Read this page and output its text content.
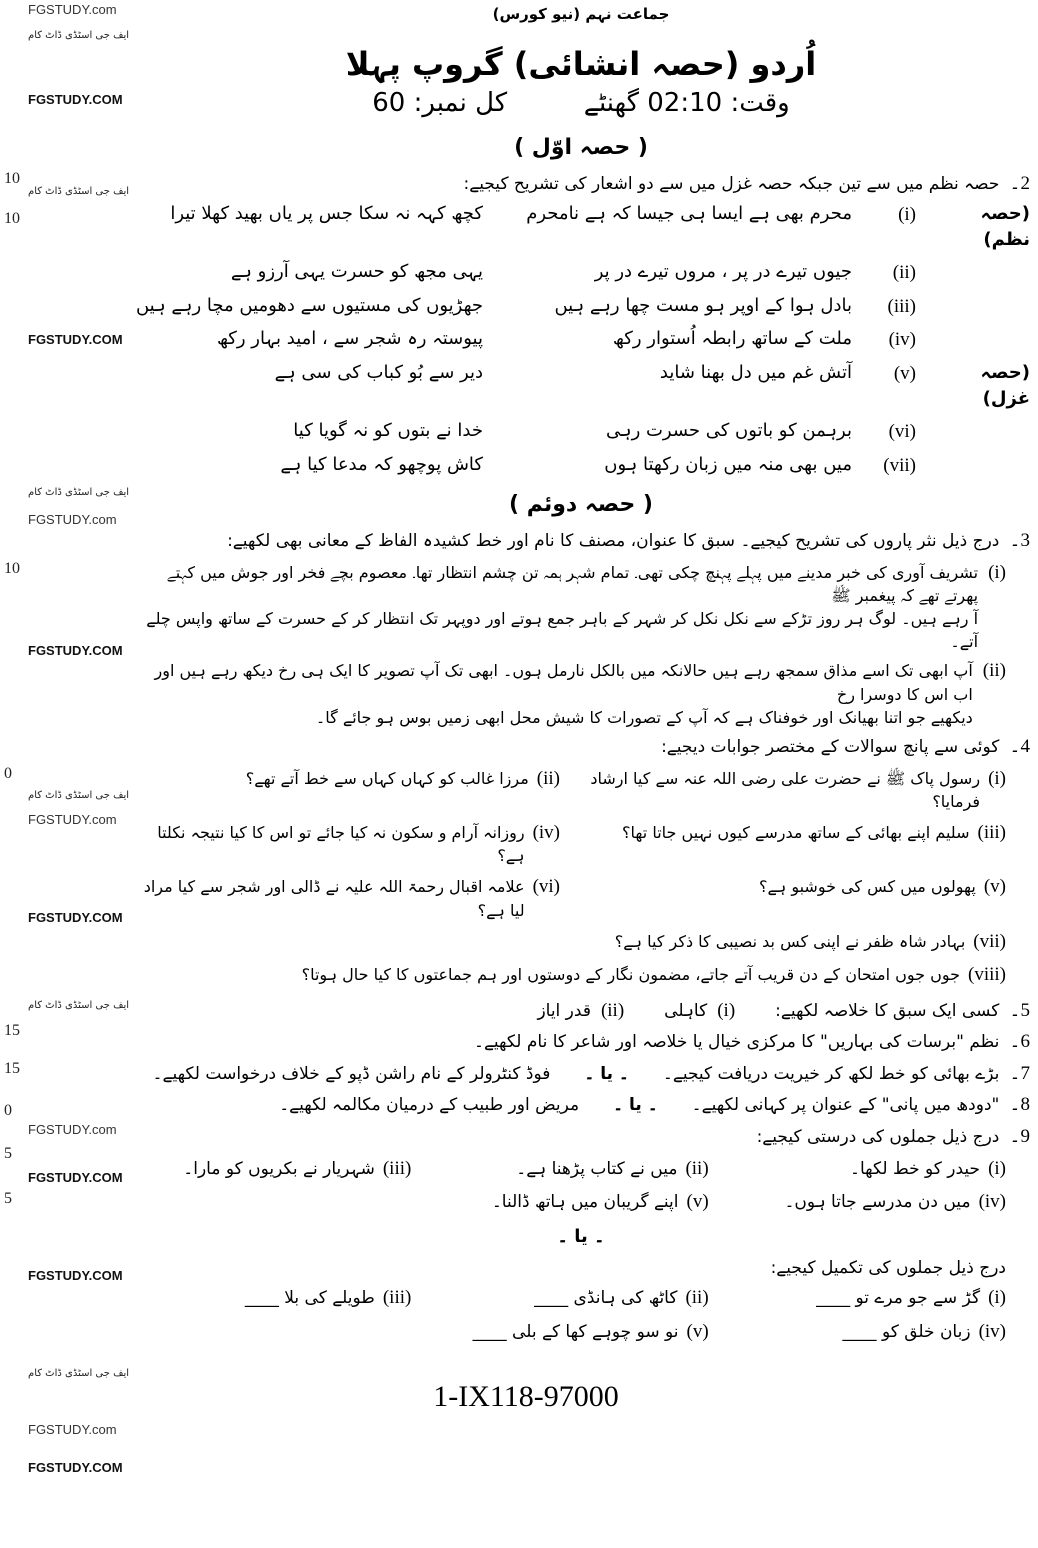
FGSTUDY.com
ایف جی اسٹڈی ڈاٹ کام
FGSTUDY.COM
ایف جی اسٹڈی ڈاٹ کام
FGSTUDY.COM
ایف جی اسٹڈی ڈاٹ کام
FGSTUDY.com
FGSTUDY.COM
ایف جی اسٹڈی ڈاٹ کام
FGSTUDY.com
FGSTUDY.COM
ایف جی اسٹڈی ڈاٹ کام
FGSTUDY.com
FGSTUDY.COM
FGSTUDY.COM
ایف جی اسٹڈی ڈاٹ کام
FGSTUDY.com
FGSTUDY.COM
10
10
10
0
15
15
0
5
5
جماعت نہم (نیو کورس)
اُردو (حصہ انشائی) گروپ پہلا
وقت: 02:10 گھنٹے  کل نمبر: 60
( حصہ اوّل )
2۔
حصہ نظم میں سے تین جبکہ حصہ غزل میں سے دو اشعار کی تشریح کیجیے:
(حصہ نظم)
(i)
محرم بھی ہے ایسا ہی جیسا کہ ہے نامحرم
کچھ کہہ نہ سکا جس پر یاں بھید کھلا تیرا
(ii)
جیوں تیرے در پر ، مروں تیرے در پر
یہی مجھ کو حسرت یہی آرزو ہے
(iii)
بادل ہوا کے اوپر ہو مست چھا رہے ہیں
جھڑیوں کی مستیوں سے دھومیں مچا رہے ہیں
(iv)
ملت کے ساتھ رابطہ اُستوار رکھ
پیوستہ رہ شجر سے ، امید بہار رکھ
(حصہ غزل)
(v)
آتش غم میں دل بھنا شاید
دیر سے بُو کباب کی سی ہے
(vi)
برہمن کو باتوں کی حسرت رہی
خدا نے بتوں کو نہ گویا کیا
(vii)
میں بھی منہ میں زبان رکھتا ہوں
کاش پوچھو کہ مدعا کیا ہے
( حصہ دوئم )
3۔
درج ذیل نثر پاروں کی تشریح کیجیے۔ سبق کا عنوان، مصنف کا نام اور خط کشیدہ الفاظ کے معانی بھی لکھیے:
(i)
تشریف آوری کی خبر مدینے میں پہلے پہنچ چکی تھی۔ تمام شہر ہمہ تن چشم انتظار تھا۔ معصوم بچے فخر اور جوش میں کہتے پھرتے تھے کہ پیغمبر ﷺ
آ رہے ہیں۔ لوگ ہر روز تڑکے سے نکل نکل کر شہر کے باہر جمع ہوتے اور دوپہر تک انتظار کر کے حسرت کے ساتھ واپس چلے آتے۔
(ii)
آپ ابھی تک اسے مذاق سمجھ رہے ہیں حالانکہ میں بالکل نارمل ہوں۔ ابھی تک آپ تصویر کا ایک ہی رخ دیکھ رہے ہیں اور اب اس کا دوسرا رخ
دیکھیے جو اتنا بھیانک اور خوفناک ہے کہ آپ کے تصورات کا شیش محل ابھی زمیں بوس ہو جائے گا۔
4۔
کوئی سے پانچ سوالات کے مختصر جوابات دیجیے:
(i)
رسول پاک ﷺ نے حضرت علی رضی اللہ عنہ سے کیا ارشاد فرمایا؟
(ii)
مرزا غالب کو کہاں کہاں سے خط آتے تھے؟
(iii)
سلیم اپنے بھائی کے ساتھ مدرسے کیوں نہیں جاتا تھا؟
(iv)
روزانہ آرام و سکون نہ کیا جائے تو اس کا کیا نتیجہ نکلتا ہے؟
(v)
پھولوں میں کس کی خوشبو ہے؟
(vi)
علامہ اقبال رحمۃ اللہ علیہ نے ڈالی اور شجر سے کیا مراد لیا ہے؟
(vii)
بہادر شاہ ظفر نے اپنی کس بد نصیبی کا ذکر کیا ہے؟
(viii)
جوں جوں امتحان کے دن قریب آتے جاتے، مضمون نگار کے دوستوں اور ہم جماعتوں کا کیا حال ہوتا؟
5۔
کسی ایک سبق کا خلاصہ لکھیے:
(i)
کاہلی
(ii)
قدر ایاز
6۔
نظم "برسات کی بہاریں" کا مرکزی خیال یا خلاصہ اور شاعر کا نام لکھیے۔
7۔
بڑے بھائی کو خط لکھ کر خیریت دریافت کیجیے۔
۔ یا ۔
فوڈ کنٹرولر کے نام راشن ڈپو کے خلاف درخواست لکھیے۔
8۔
"دودھ میں پانی" کے عنوان پر کہانی لکھیے۔
۔ یا ۔
مریض اور طبیب کے درمیان مکالمہ لکھیے۔
9۔
درج ذیل جملوں کی درستی کیجیے:
(i)
حیدر کو خط لکھا۔
(ii)
میں نے کتاب پڑھنا ہے۔
(iii)
شہریار نے بکریوں کو مارا۔
(iv)
میں دن مدرسے جاتا ہوں۔
(v)
اپنے گریبان میں ہاتھ ڈالنا۔
۔ یا ۔
درج ذیل جملوں کی تکمیل کیجیے:
(i)
گڑ سے جو مرے تو ____
(ii)
کاٹھ کی ہانڈی ____
(iii)
طویلے کی بلا ____
(iv)
زبان خلق کو ____
(v)
نو سو چوہے کھا کے بلی ____
1-IX118-97000
